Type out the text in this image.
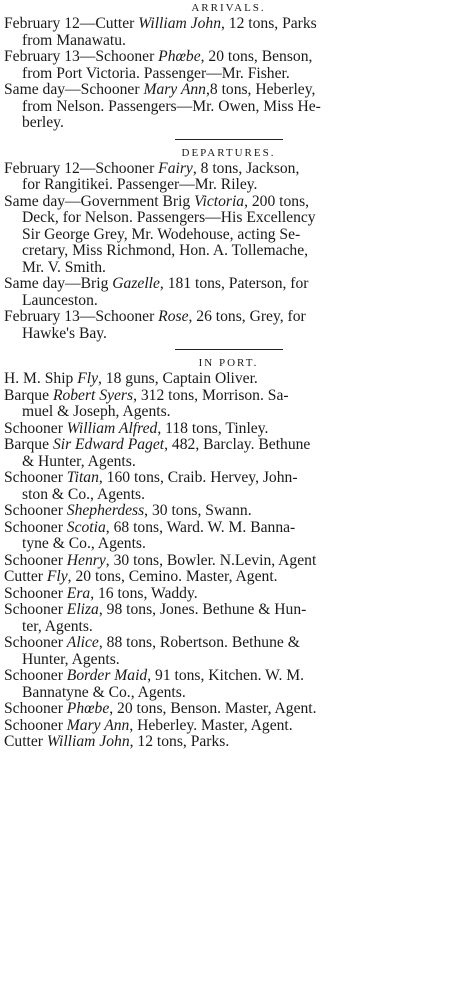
ARRIVALS.
February 12—Cutter William John, 12 tons, Parks
from Manawatu.
February 13—Schooner Phœbe, 20 tons, Benson,
from Port Victoria. Passenger—Mr. Fisher.
Same day—Schooner Mary Ann,8 tons, Heberley,
from Nelson. Passengers—Mr. Owen, Miss He-
berley.
DEPARTURES.
February 12—Schooner Fairy, 8 tons, Jackson,
for Rangitikei. Passenger—Mr. Riley.
Same day—Government Brig Victoria, 200 tons,
Deck, for Nelson. Passengers—His Excellency
Sir George Grey, Mr. Wodehouse, acting Se-
cretary, Miss Richmond, Hon. A. Tollemache,
Mr. V. Smith.
Same day—Brig Gazelle, 181 tons, Paterson, for
Launceston.
February 13—Schooner Rose, 26 tons, Grey, for
Hawke's Bay.
IN PORT.
H. M. Ship Fly, 18 guns, Captain Oliver.
Barque Robert Syers, 312 tons, Morrison. Sa-
muel & Joseph, Agents.
Schooner William Alfred, 118 tons, Tinley.
Barque Sir Edward Paget, 482, Barclay. Bethune
& Hunter, Agents.
Schooner Titan, 160 tons, Craib. Hervey, John-
ston & Co., Agents.
Schooner Shepherdess, 30 tons, Swann.
Schooner Scotia, 68 tons, Ward. W. M. Banna-
tyne & Co., Agents.
Schooner Henry, 30 tons, Bowler. N.Levin, Agent
Cutter Fly, 20 tons, Cemino. Master, Agent.
Schooner Era, 16 tons, Waddy.
Schooner Eliza, 98 tons, Jones. Bethune & Hun-
ter, Agents.
Schooner Alice, 88 tons, Robertson. Bethune &
Hunter, Agents.
Schooner Border Maid, 91 tons, Kitchen. W. M.
Bannatyne & Co., Agents.
Schooner Phœbe, 20 tons, Benson. Master, Agent.
Schooner Mary Ann, Heberley. Master, Agent.
Cutter William John, 12 tons, Parks.
